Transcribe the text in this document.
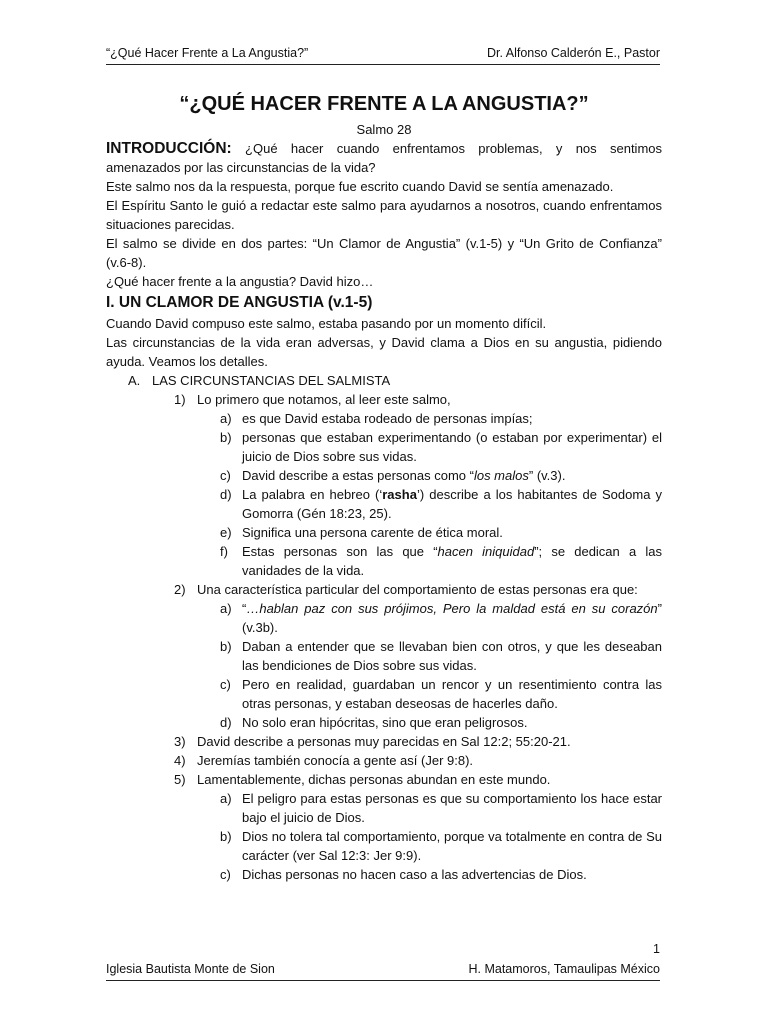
“¿Qué Hacer Frente a La Angustia?”	Dr. Alfonso Calderón E., Pastor

“¿QUÉ HACER FRENTE A LA ANGUSTIA?”

Salmo 28

INTRODUCCIÓN: ¿Qué hacer cuando enfrentamos problemas, y nos sentimos amenazados por las circunstancias de la vida?

Este salmo nos da la respuesta, porque fue escrito cuando David se sentía amenazado.

El Espíritu Santo le guió a redactar este salmo para ayudarnos a nosotros, cuando enfrentamos situaciones parecidas.

El salmo se divide en dos partes: “Un Clamor de Angustia” (v.1-5) y “Un Grito de Confianza” (v.6-8).

¿Qué hacer frente a la angustia? David hizo…

I. UN CLAMOR DE ANGUSTIA (v.1-5)

Cuando David compuso este salmo, estaba pasando por un momento difícil.

Las circunstancias de la vida eran adversas, y David clama a Dios en su angustia, pidiendo ayuda. Veamos los detalles.

A. LAS CIRCUNSTANCIAS DEL SALMISTA
1) Lo primero que notamos, al leer este salmo,
a) es que David estaba rodeado de personas impías;
b) personas que estaban experimentando (o estaban por experimentar) el juicio de Dios sobre sus vidas.
c) David describe a estas personas como “los malos” (v.3).
d) La palabra en hebreo (‘rasha’) describe a los habitantes de Sodoma y Gomorra (Gén 18:23, 25).
e) Significa una persona carente de ética moral.
f)	Estas personas son las que “hacen iniquidad”; se dedican a las vanidades de la vida.
2) Una característica particular del comportamiento de estas personas era que:
a) “…hablan paz con sus prójimos, Pero la maldad está en su corazón” (v.3b).
b) Daban a entender que se llevaban bien con otros, y que les deseaban las bendiciones de Dios sobre sus vidas.
c) Pero en realidad, guardaban un rencor y un resentimiento contra las otras personas, y estaban deseosas de hacerles daño.
d) No solo eran hipócritas, sino que eran peligrosos.
3) David describe a personas muy parecidas en Sal 12:2; 55:20-21.
4) Jeremías también conocía a gente así (Jer 9:8).
5) Lamentablemente, dichas personas abundan en este mundo.
a) El peligro para estas personas es que su comportamiento los hace estar bajo el juicio de Dios.
b) Dios no tolera tal comportamiento, porque va totalmente en contra de Su carácter (ver Sal 12:3: Jer 9:9).
c) Dichas personas no hacen caso a las advertencias de Dios.
1
Iglesia Bautista Monte de Sion	H. Matamoros, Tamaulipas México
